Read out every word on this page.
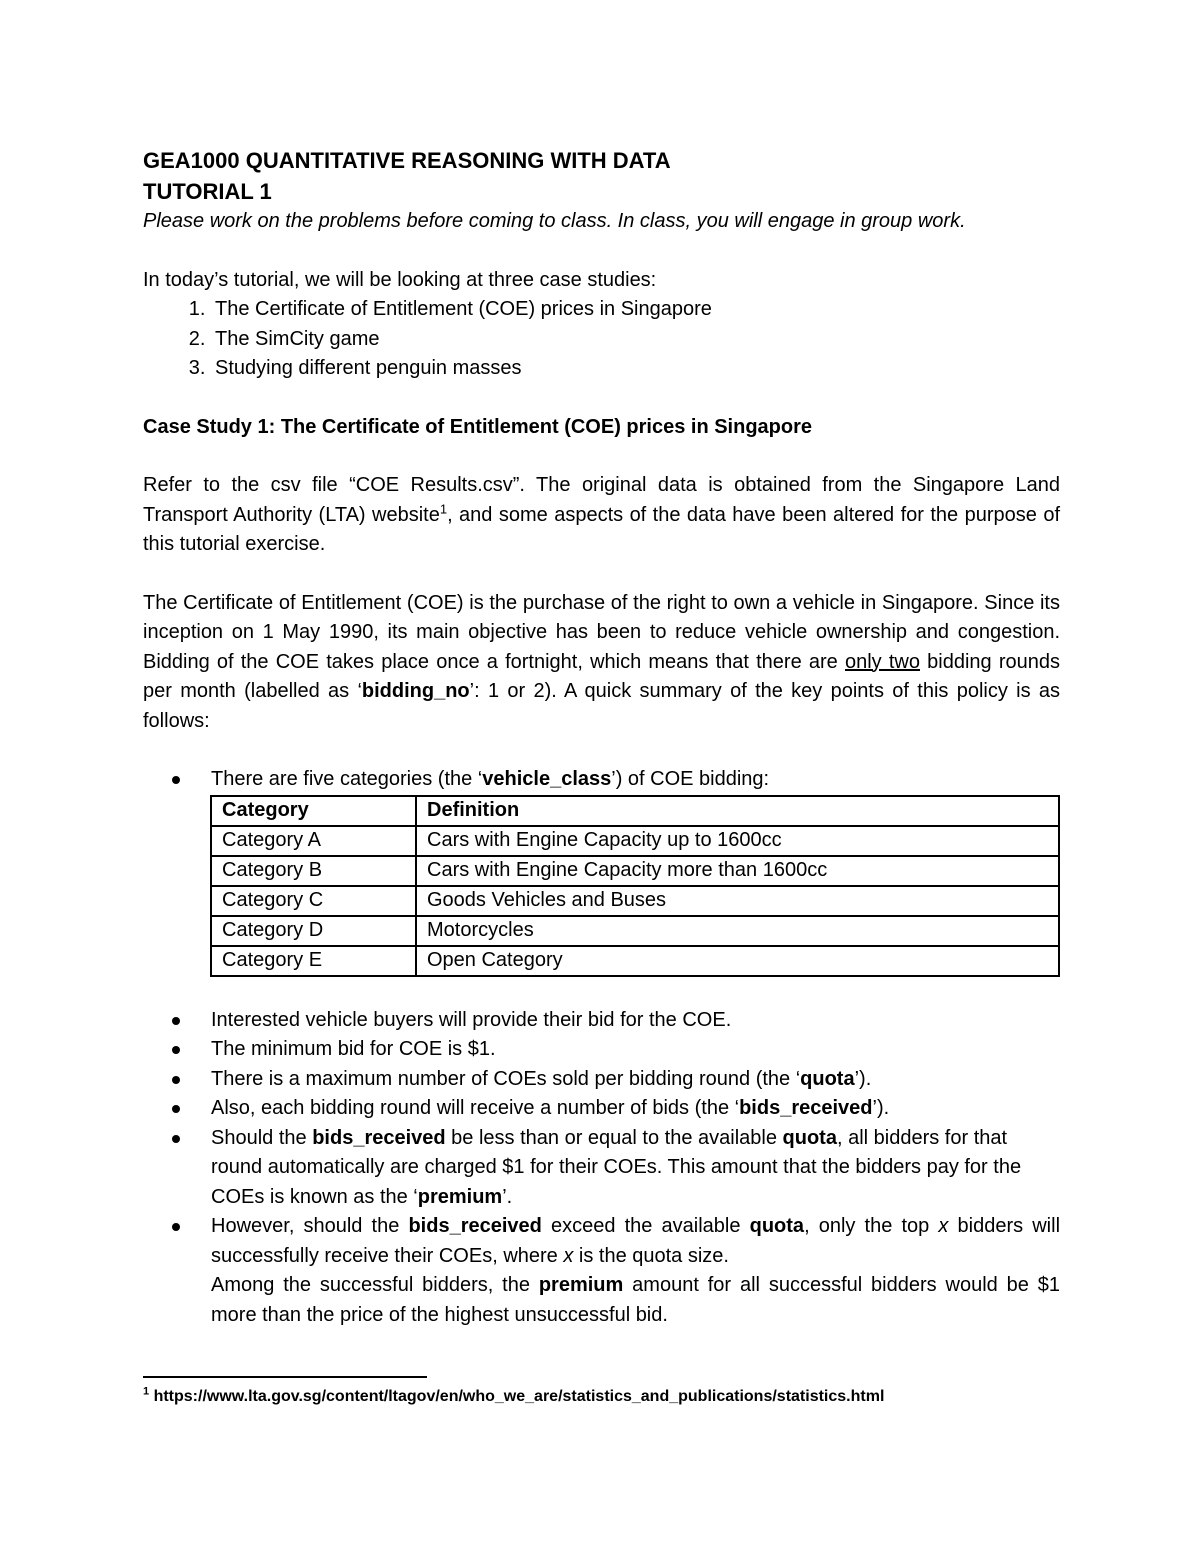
GEA1000 QUANTITATIVE REASONING WITH DATA

TUTORIAL 1

Please work on the problems before coming to class. In class, you will engage in group work.

In today’s tutorial, we will be looking at three case studies:

1. The Certificate of Entitlement (COE) prices in Singapore
2. The SimCity game
3. Studying different penguin masses

Case Study 1: The Certificate of Entitlement (COE) prices in Singapore

Refer to the csv file “COE Results.csv”. The original data is obtained from the Singapore Land Transport Authority (LTA) website$^1$, and some aspects of the data have been altered for the purpose of this tutorial exercise.

The Certificate of Entitlement (COE) is the purchase of the right to own a vehicle in Singapore. Since its inception on 1 May 1990, its main objective has been to reduce vehicle ownership and congestion. Bidding of the COE takes place once a fortnight, which means that there are only two bidding rounds per month (labelled as ‘bidding_no’: 1 or 2). A quick summary of the key points of this policy is as follows:

There are five categories (the ‘vehicle_class’) of COE bidding:
Category	Definition
Category A	Cars with Engine Capacity up to 1600cc
Category B	Cars with Engine Capacity more than 1600cc
Category C	Goods Vehicles and Buses
Category D	Motorcycles
Category E	Open Category
Interested vehicle buyers will provide their bid for the COE.
The minimum bid for COE is $1.
There is a maximum number of COEs sold per bidding round (the ‘quota’).
Also, each bidding round will receive a number of bids (the ‘bids_received’).
Should the bids_received be less than or equal to the available quota, all bidders for that round automatically are charged $1 for their COEs. This amount that the bidders pay for the COEs is known as the ‘premium’.
However, should the bids_received exceed the available quota, only the top x bidders will successfully receive their COEs, where x is the quota size.
Among the successful bidders, the premium amount for all successful bidders would be $1 more than the price of the highest unsuccessful bid.
$^1$ https://www.lta.gov.sg/content/ltagov/en/who_we_are/statistics_and_publications/statistics.html
